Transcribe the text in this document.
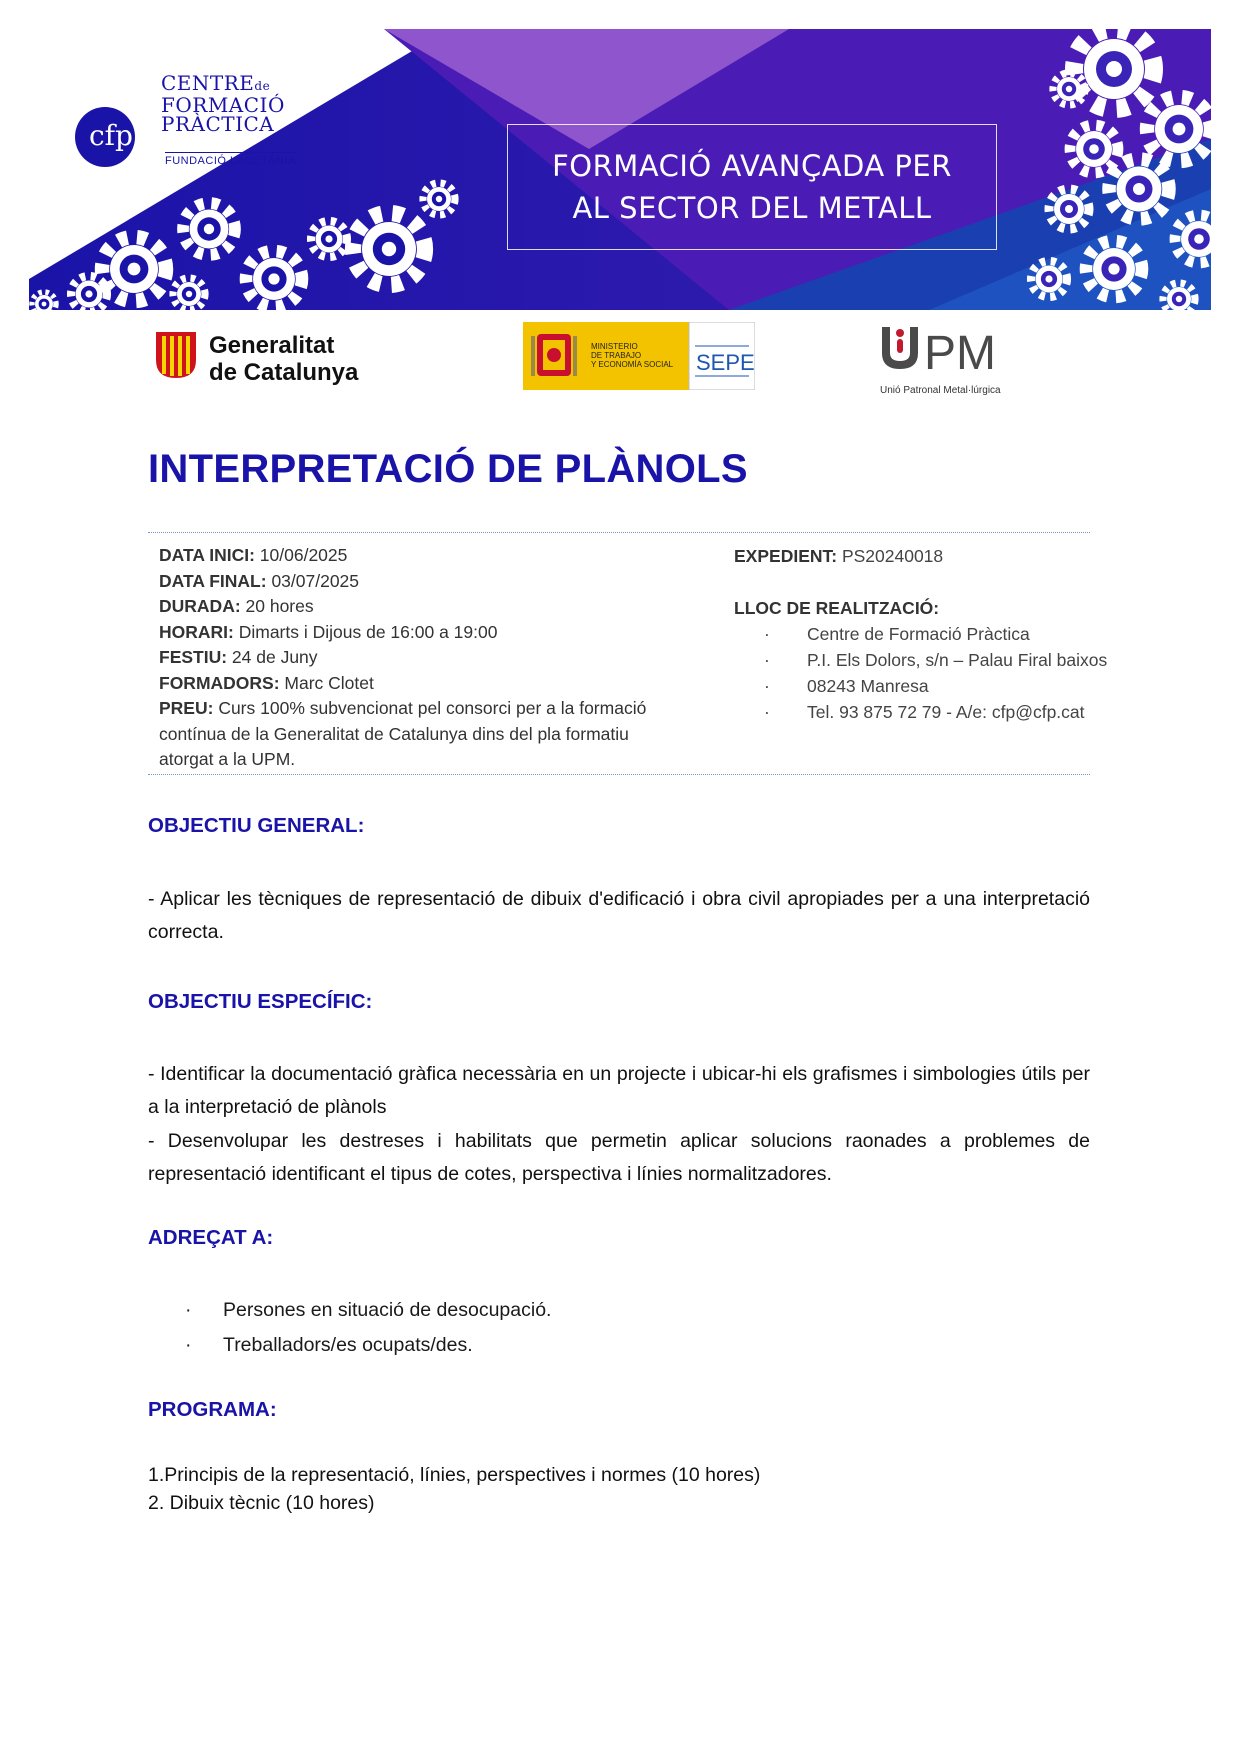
FORMACIÓ AVANÇADA PER
AL SECTOR DEL METALL
cfp
CENTREde
FORMACIÓ
PRÀCTICA
FUNDACIÓ LACETÀNIA
Generalitat
de Catalunya
MINISTERIO
DE TRABAJO
Y ECONOMÍA SOCIAL SEPE	PM
Unió Patronal Metal·lúrgica
INTERPRETACIÓ DE PLÀNOLS
DATA INICI: 10/06/2025
DATA FINAL: 03/07/2025
DURADA: 20 hores
HORARI: Dimarts i Dijous de 16:00 a 19:00
FESTIU: 24 de Juny
FORMADORS: Marc Clotet
PREU: Curs 100% subvencionat pel consorci per a la formació contínua de la Generalitat de Catalunya dins del pla formatiu atorgat a la UPM.
EXPEDIENT: PS20240018
LLOC DE REALITZACIÓ:
· Centre de Formació Pràctica
· P.I. Els Dolors, s/n – Palau Firal baixos
· 08243 Manresa
· Tel. 93 875 72 79 - A/e: cfp@cfp.cat
OBJECTIU GENERAL:
- Aplicar les tècniques de representació de dibuix d'edificació i obra civil apropiades per a una interpretació correcta.
OBJECTIU ESPECÍFIC:
- Identificar la documentació gràfica necessària en un projecte i ubicar-hi els grafismes i simbologies útils per a la interpretació de plànols
- Desenvolupar les destreses i habilitats que permetin aplicar solucions raonades a problemes de representació identificant el tipus de cotes, perspectiva i línies normalitzadores.
ADREÇAT A:
· Persones en situació de desocupació.
· Treballadors/es ocupats/des.
PROGRAMA:
1.Principis de la representació, línies, perspectives i normes (10 hores)
2. Dibuix tècnic (10 hores)
